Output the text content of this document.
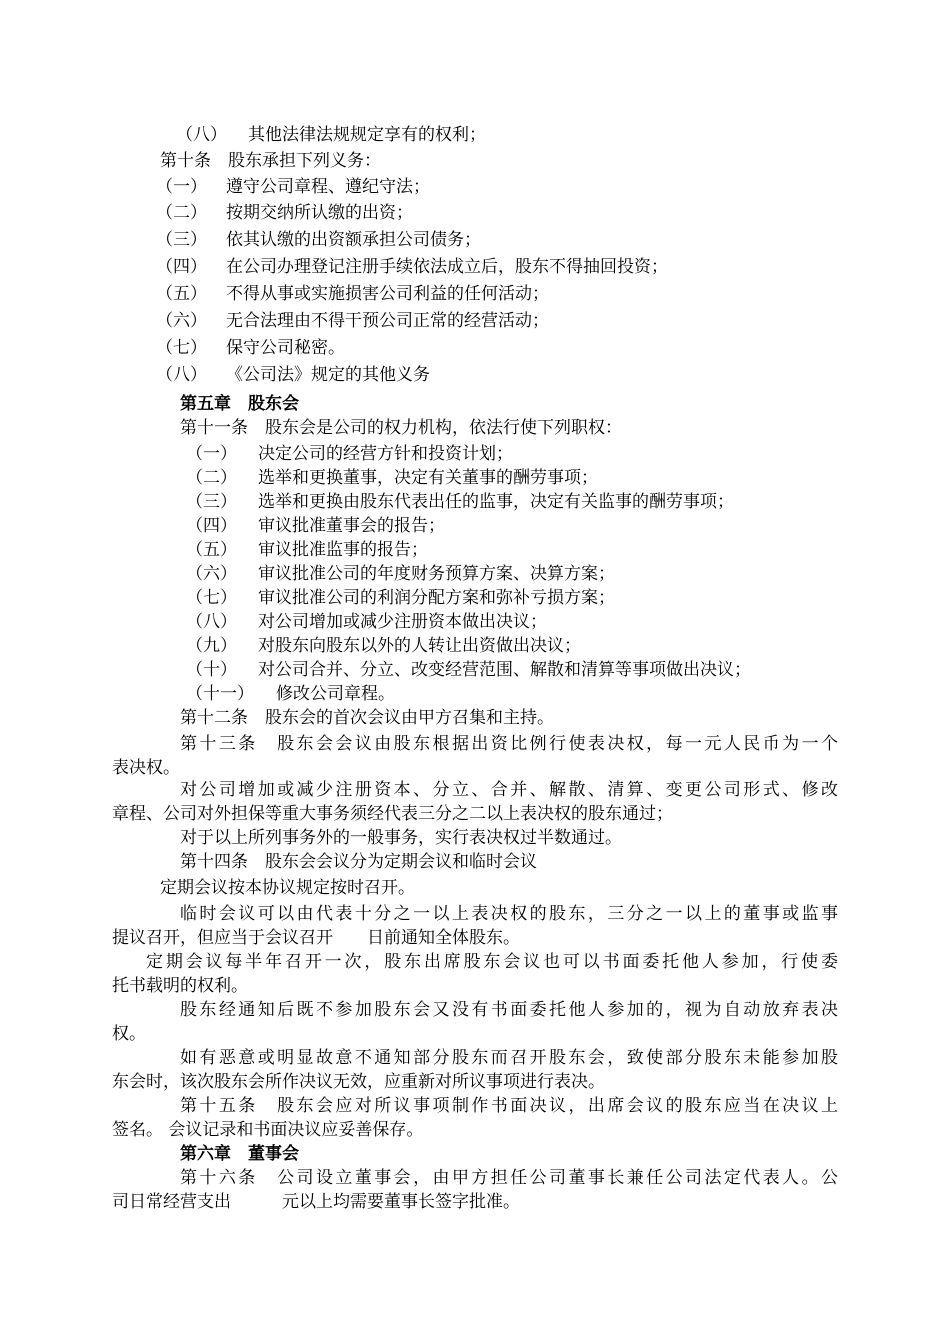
（八） 其他法律法规规定享有的权利；
第十条　股东承担下列义务：
（一） 遵守公司章程、遵纪守法；
（二） 按期交纳所认缴的出资；
（三） 依其认缴的出资额承担公司债务；
（四） 在公司办理登记注册手续依法成立后，股东不得抽回投资；
（五） 不得从事或实施损害公司利益的任何活动；
（六） 无合法理由不得干预公司正常的经营活动；
（七） 保守公司秘密。
（八） 《公司法》规定的其他义务
第五章　股东会
第十一条　股东会是公司的权力机构，依法行使下列职权：
（一） 决定公司的经营方针和投资计划；
（二） 选举和更换董事，决定有关董事的酬劳事项；
（三） 选举和更换由股东代表出任的监事，决定有关监事的酬劳事项；
（四） 审议批准董事会的报告；
（五） 审议批准监事的报告；
（六） 审议批准公司的年度财务预算方案、决算方案；
（七） 审议批准公司的利润分配方案和弥补亏损方案；
（八） 对公司增加或减少注册资本做出决议；
（九） 对股东向股东以外的人转让出资做出决议；
（十） 对公司合并、分立、改变经营范围、解散和清算等事项做出决议；
（十一） 修改公司章程。
第十二条　股东会的首次会议由甲方召集和主持。
第十三条　股东会会议由股东根据出资比例行使表决权，每一元人民币为一个
表决权。
对公司增加或减少注册资本、分立、合并、解散、清算、变更公司形式、修改
章程、公司对外担保等重大事务须经代表三分之二以上表决权的股东通过；
对于以上所列事务外的一般事务，实行表决权过半数通过。
第十四条　股东会会议分为定期会议和临时会议
定期会议按本协议规定按时召开。
临时会议可以由代表十分之一以上表决权的股东，三分之一以上的董事或监事
提议召开，但应当于会议召开　　日前通知全体股东。
定期会议每半年召开一次，股东出席股东会议也可以书面委托他人参加，行使委
托书载明的权利。
股东经通知后既不参加股东会又没有书面委托他人参加的，视为自动放弃表决
权。
如有恶意或明显故意不通知部分股东而召开股东会，致使部分股东未能参加股
东会时，该次股东会所作决议无效，应重新对所议事项进行表决。
第十五条　股东会应对所议事项制作书面决议，出席会议的股东应当在决议上
签名。 会议记录和书面决议应妥善保存。
第六章　董事会
第十六条　公司设立董事会，由甲方担任公司董事长兼任公司法定代表人。公
司日常经营支出　　　元以上均需要董事长签字批准。
